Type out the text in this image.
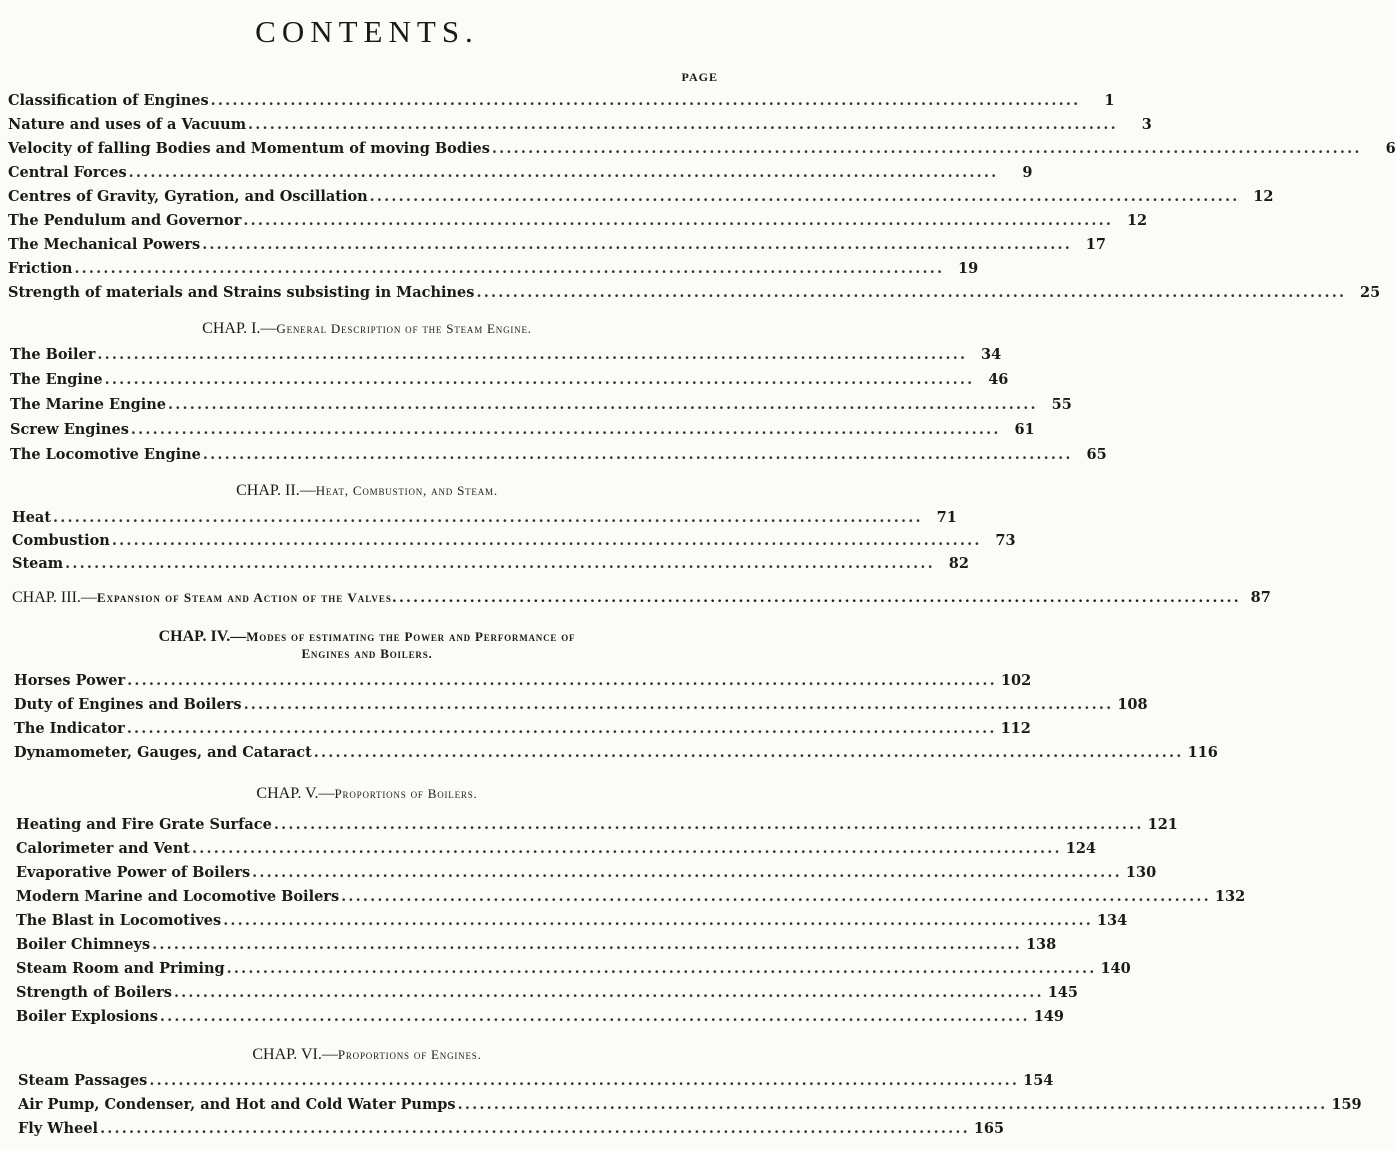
CONTENTS.
PAGE
Classification of Engines ........................................................................................................................	1
Nature and uses of a Vacuum ........................................................................................................................	3
Velocity of falling Bodies and Momentum of moving Bodies ........................................................................................................................	6
Central Forces ........................................................................................................................	9
Centres of Gravity, Gyration, and Oscillation ........................................................................................................................ 12
The Pendulum and Governor ........................................................................................................................ 12
The Mechanical Powers ........................................................................................................................ 17
Friction ........................................................................................................................ 19
Strength of materials and Strains subsisting in Machines ........................................................................................................................ 25
CHAP. I.—General Description of the Steam Engine.
The Boiler ........................................................................................................................ 34
The Engine ........................................................................................................................ 46
The Marine Engine ........................................................................................................................ 55
Screw Engines ........................................................................................................................ 61
The Locomotive Engine ........................................................................................................................ 65
CHAP. II.—Heat, Combustion, and Steam.
Heat ........................................................................................................................ 71
Combustion ........................................................................................................................ 73
Steam ........................................................................................................................ 82
CHAP. III.—Expansion of Steam and Action of the Valves ........................................................................................................................ 87
CHAP. IV.—Modes of estimating the Power and Performance of
Engines and Boilers.
Horses Power ........................................................................................................................ 102
Duty of Engines and Boilers ........................................................................................................................ 108
The Indicator ........................................................................................................................ 112
Dynamometer, Gauges, and Cataract ........................................................................................................................ 116
CHAP. V.—Proportions of Boilers.
Heating and Fire Grate Surface ........................................................................................................................ 121
Calorimeter and Vent ........................................................................................................................ 124
Evaporative Power of Boilers ........................................................................................................................ 130
Modern Marine and Locomotive Boilers ........................................................................................................................ 132
The Blast in Locomotives ........................................................................................................................ 134
Boiler Chimneys ........................................................................................................................ 138
Steam Room and Priming ........................................................................................................................ 140
Strength of Boilers ........................................................................................................................ 145
Boiler Explosions ........................................................................................................................ 149
CHAP. VI.—Proportions of Engines.
Steam Passages ........................................................................................................................ 154
Air Pump, Condenser, and Hot and Cold Water Pumps ........................................................................................................................ 159
Fly Wheel ........................................................................................................................ 165
